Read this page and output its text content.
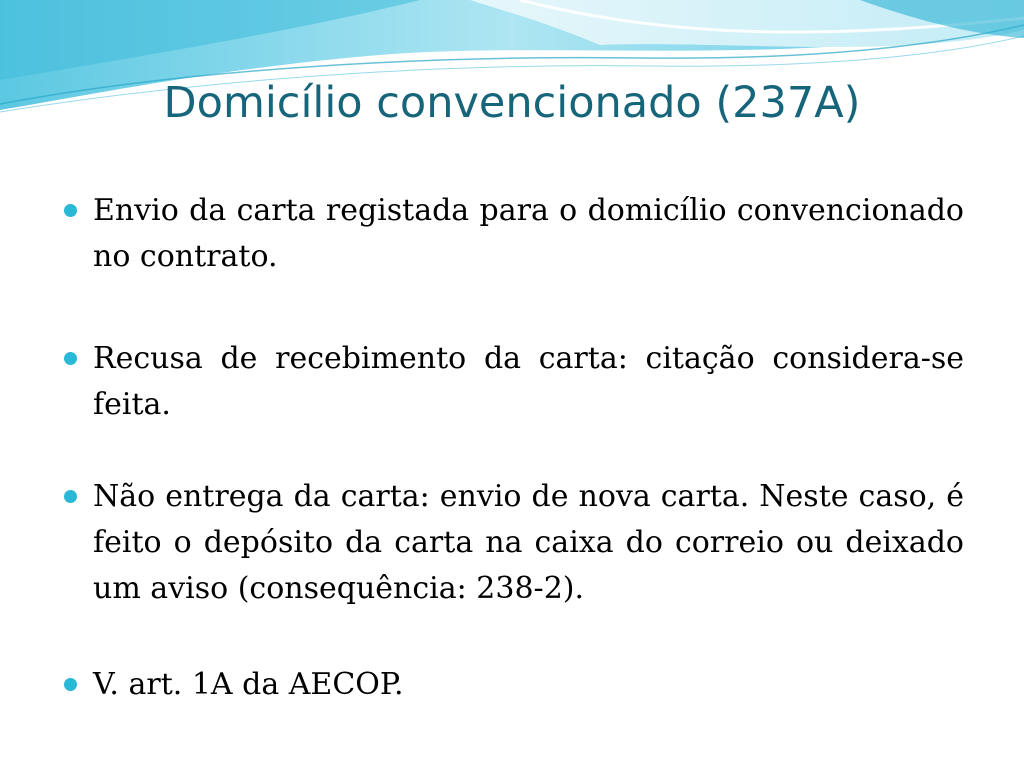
Domicílio convencionado (237A)
Envio da carta registada para o domicílio convencionado no contrato.
Recusa de recebimento da carta: citação considera-se feita.
Não entrega da carta: envio de nova carta. Neste caso, é feito o depósito da carta na caixa do correio ou deixado um aviso (consequência: 238-2).
V. art. 1A da AECOP.
